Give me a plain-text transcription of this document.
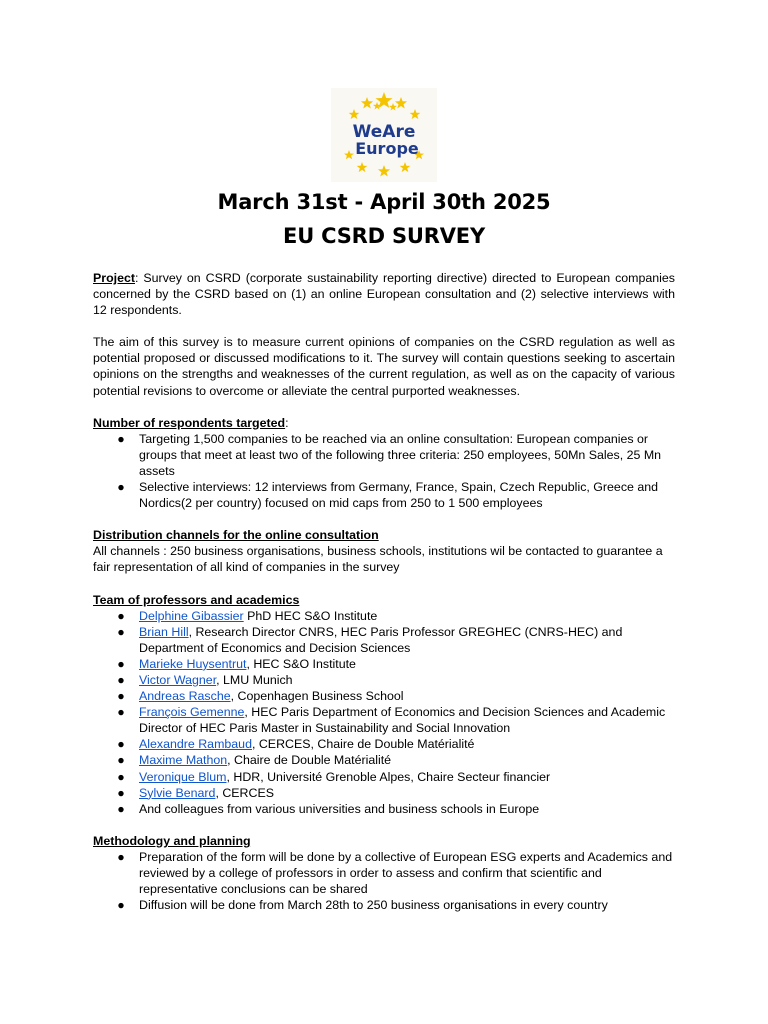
WeAre
Europe
March 31st - April 30th 2025
EU CSRD SURVEY

Project: Survey on CSRD (corporate sustainability reporting directive) directed to European companies concerned by the CSRD based on (1) an online European consultation and (2) selective interviews with 12 respondents.

The aim of this survey is to measure current opinions of companies on the CSRD regulation as well as potential proposed or discussed modifications to it. The survey will contain questions seeking to ascertain opinions on the strengths and weaknesses of the current regulation, as well as on the capacity of various potential revisions to overcome or alleviate the central purported weaknesses.

Number of respondents targeted:

● Targeting 1,500 companies to be reached via an online consultation: European companies or groups that meet at least two of the following three criteria: 250 employees, 50Mn Sales, 25 Mn assets
● Selective interviews: 12 interviews from Germany, France, Spain, Czech Republic, Greece and Nordics(2 per country) focused on mid caps from 250 to 1 500 employees

Distribution channels for the online consultation

All channels : 250 business organisations, business schools, institutions wil be contacted to guarantee a fair representation of all kind of companies in the survey

Team of professors and academics

● Delphine Gibassier PhD HEC S&O Institute
● Brian Hill, Research Director CNRS, HEC Paris Professor GREGHEC (CNRS-HEC) and Department of Economics and Decision Sciences
● Marieke Huysentrut, HEC S&O Institute
● Victor Wagner, LMU Munich
● Andreas Rasche, Copenhagen Business School
● François Gemenne, HEC Paris Department of Economics and Decision Sciences and Academic Director of HEC Paris Master in Sustainability and Social Innovation
● Alexandre Rambaud, CERCES, Chaire de Double Matérialité
● Maxime Mathon, Chaire de Double Matérialité
● Veronique Blum, HDR, Université Grenoble Alpes, Chaire Secteur financier
● Sylvie Benard, CERCES
● And colleagues from various universities and business schools in Europe

Methodology and planning

● Preparation of the form will be done by a collective of European ESG experts and Academics and reviewed by a college of professors in order to assess and confirm that scientific and representative conclusions can be shared
● Diffusion will be done from March 28th to 250 business organisations in every country
